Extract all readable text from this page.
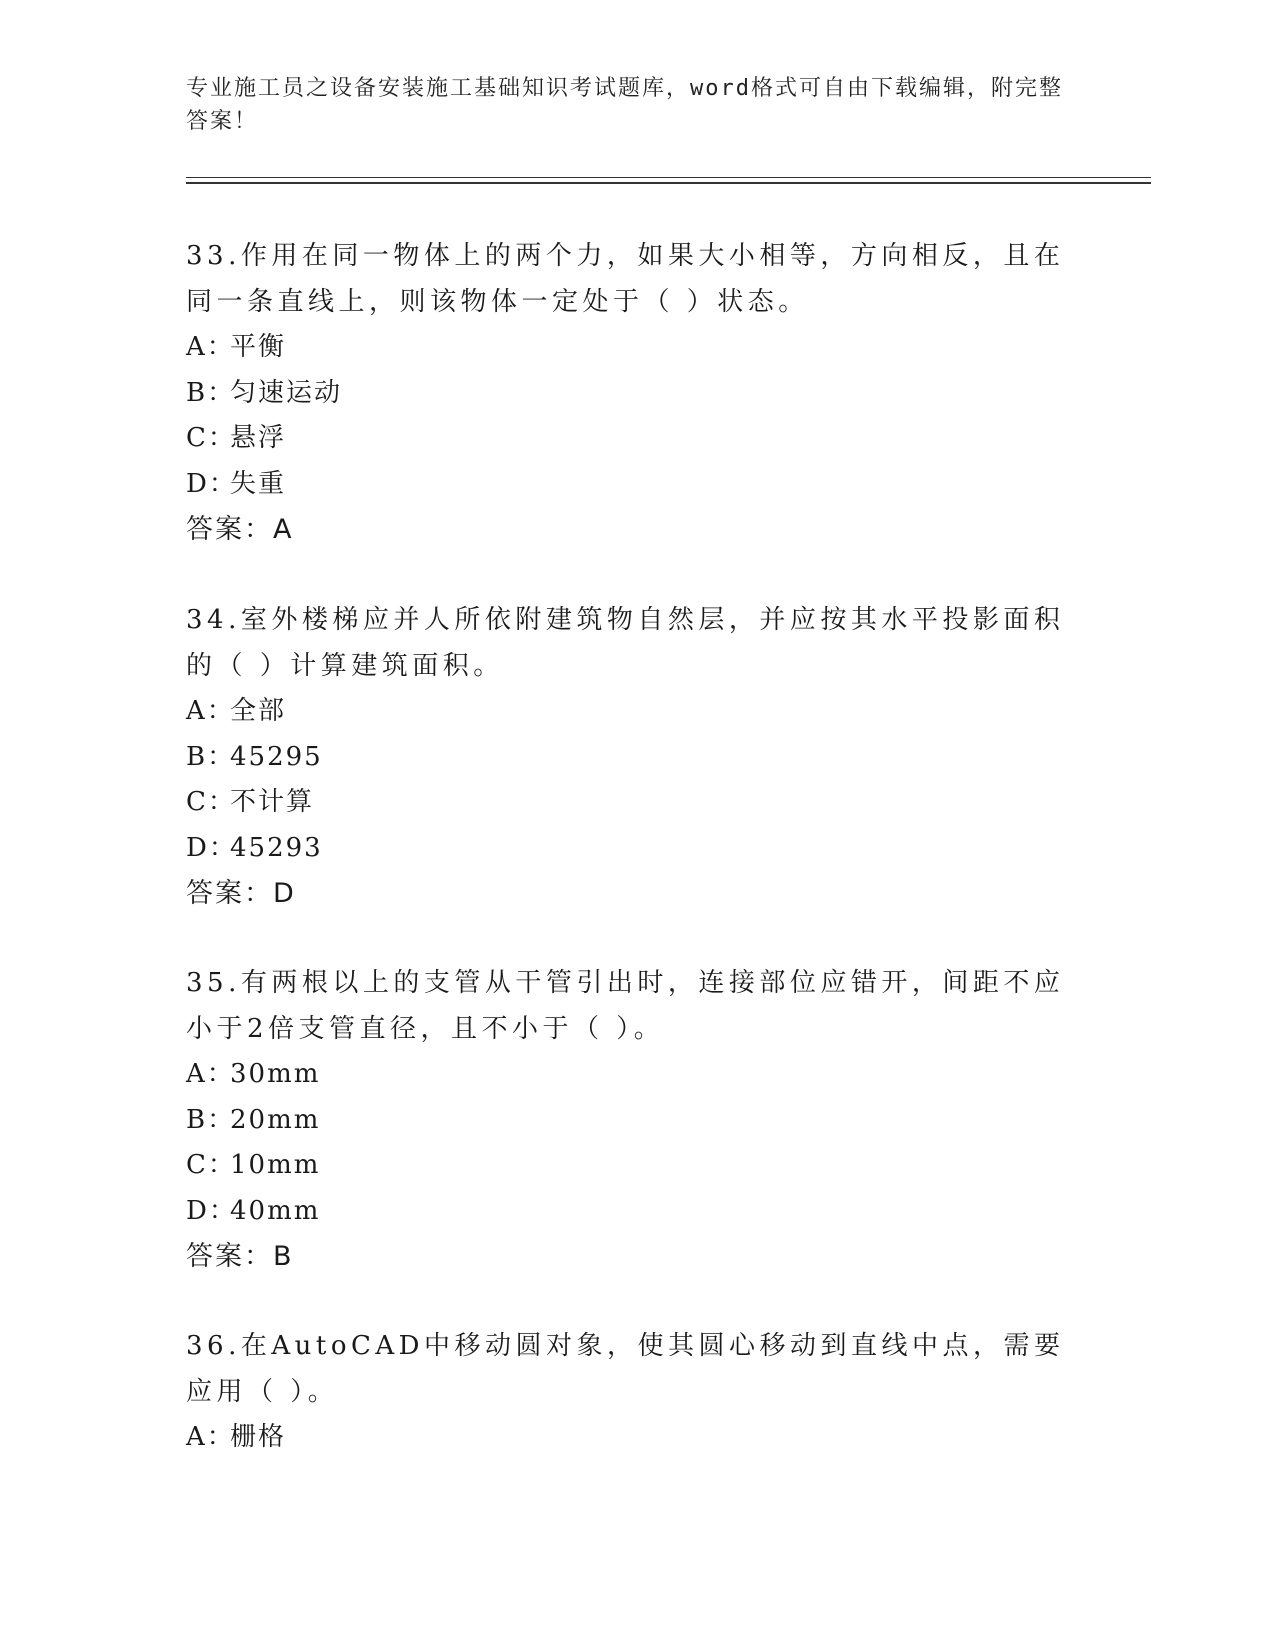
专业施工员之设备安装施工基础知识考试题库，word格式可自由下载编辑，附完整答案！

33.作用在同一物体上的两个力，如果大小相等，方向相反，且在同一条直线上，则该物体一定处于（ ）状态。

A：平衡

B：匀速运动

C：悬浮

D：失重

答案：A

34.室外楼梯应并人所依附建筑物自然层，并应按其水平投影面积的（ ）计算建筑面积。

A：全部

B：45295

C：不计算

D：45293

答案：D

35.有两根以上的支管从干管引出时，连接部位应错开，间距不应小于2倍支管直径，且不小于（ ）。

A：30mm

B：20mm

C：10mm

D：40mm

答案：B

36.在AutoCAD中移动圆对象，使其圆心移动到直线中点，需要应用（ ）。

A：栅格
